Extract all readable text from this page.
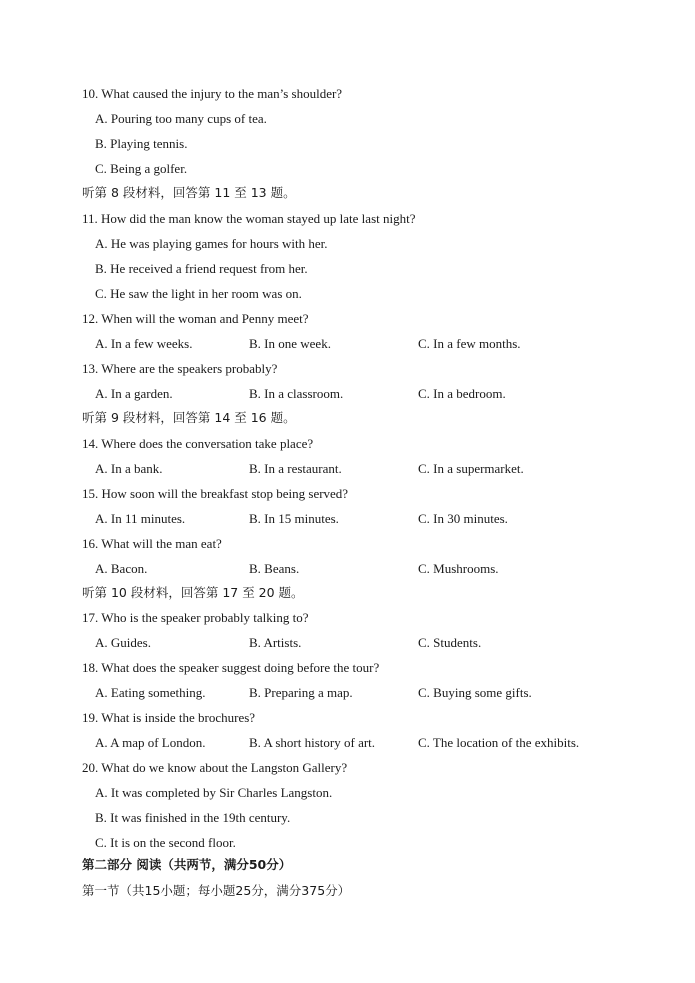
10. What caused the injury to the man’s shoulder?
A. Pouring too many cups of tea.
B. Playing tennis.
C. Being a golfer.
听第 8 段材料，回答第 11 至 13 题。
11. How did the man know the woman stayed up late last night?
A. He was playing games for hours with her.
B. He received a friend request from her.
C. He saw the light in her room was on.
12. When will the woman and Penny meet?
A. In a few weeks.	B. In one week.	C. In a few months.
13. Where are the speakers probably?
A. In a garden.	B. In a classroom.	C. In a bedroom.
听第 9 段材料，回答第 14 至 16 题。
14. Where does the conversation take place?
A. In a bank.	B. In a restaurant.	C. In a supermarket.
15. How soon will the breakfast stop being served?
A. In 11 minutes.	B. In 15 minutes.	C. In 30 minutes.
16. What will the man eat?
A. Bacon.	B. Beans.	C. Mushrooms.
听第 10 段材料，回答第 17 至 20 题。
17. Who is the speaker probably talking to?
A. Guides.	B. Artists.	C. Students.
18. What does the speaker suggest doing before the tour?
A. Eating something.	B. Preparing a map.	C. Buying some gifts.
19. What is inside the brochures?
A. A map of London.	B. A short history of art.	C. The location of the exhibits.
20. What do we know about the Langston Gallery?
A. It was completed by Sir Charles Langston.
B. It was finished in the 19th century.
C. It is on the second floor.
第二部分 阅读（共两节，满分50分）
第一节（共15小题；每小题25分，满分375分）
